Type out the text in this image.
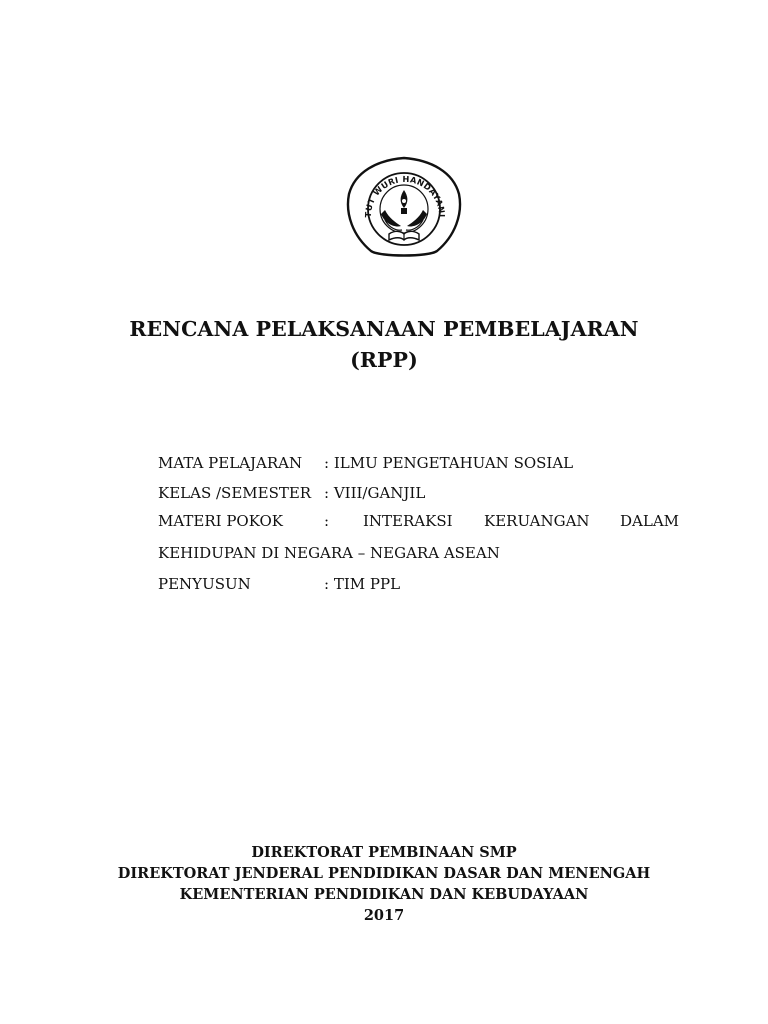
TUT WURI HANDAYANI
RENCANA PELAKSANAAN PEMBELAJARAN
(RPP)
MATA PELAJARAN : ILMU PENGETAHUAN SOSIAL
KELAS /SEMESTER : VIII/GANJIL
MATERI POKOK	: INTERAKSI KERUANGAN DALAM
KEHIDUPAN DI NEGARA – NEGARA ASEAN
PENYUSUN	: TIM PPL
DIREKTORAT PEMBINAAN SMP
DIREKTORAT JENDERAL PENDIDIKAN DASAR DAN MENENGAH
KEMENTERIAN PENDIDIKAN DAN KEBUDAYAAN
2017
